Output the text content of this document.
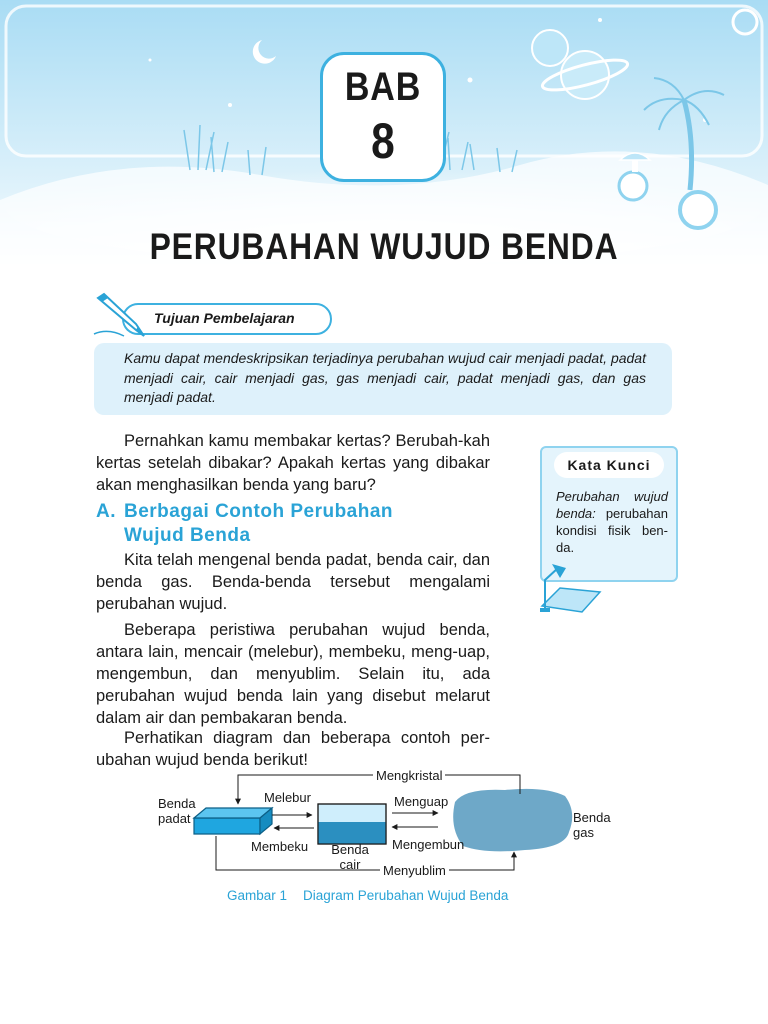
BAB
8
PERUBAHAN WUJUD BENDA
Kamu dapat mendeskripsikan terjadinya perubahan wujud cair menjadi padat, padat menjadi cair, cair menjadi gas, gas menjadi cair, padat menjadi gas, dan gas menjadi padat.
Tujuan Pembelajaran

Pernahkan kamu membakar kertas? Berubah-kah kertas setelah dibakar? Apakah kertas yang dibakar akan menghasilkan benda yang baru?

A. Berbagai Contoh Perubahan
Wujud Benda

Kita telah mengenal benda padat, benda cair, dan benda gas. Benda-benda tersebut mengalami perubahan wujud.

Beberapa peristiwa perubahan wujud benda, antara lain, mencair (melebur), membeku, meng-uap, mengembun, dan menyublim. Selain itu, ada perubahan wujud benda lain yang disebut melarut dalam air dan pembakaran benda.

Perhatikan diagram dan beberapa contoh per-ubahan wujud benda berikut!

Kata Kunci
Perubahan wujud benda: perubahan kondisi fisik ben-da.
Mengkristal
Benda padat
Melebur	Menguap
Benda gas
Membeku Benda cair
Mengembun
Menyublim
Gambar 1 Diagram Perubahan Wujud Benda
